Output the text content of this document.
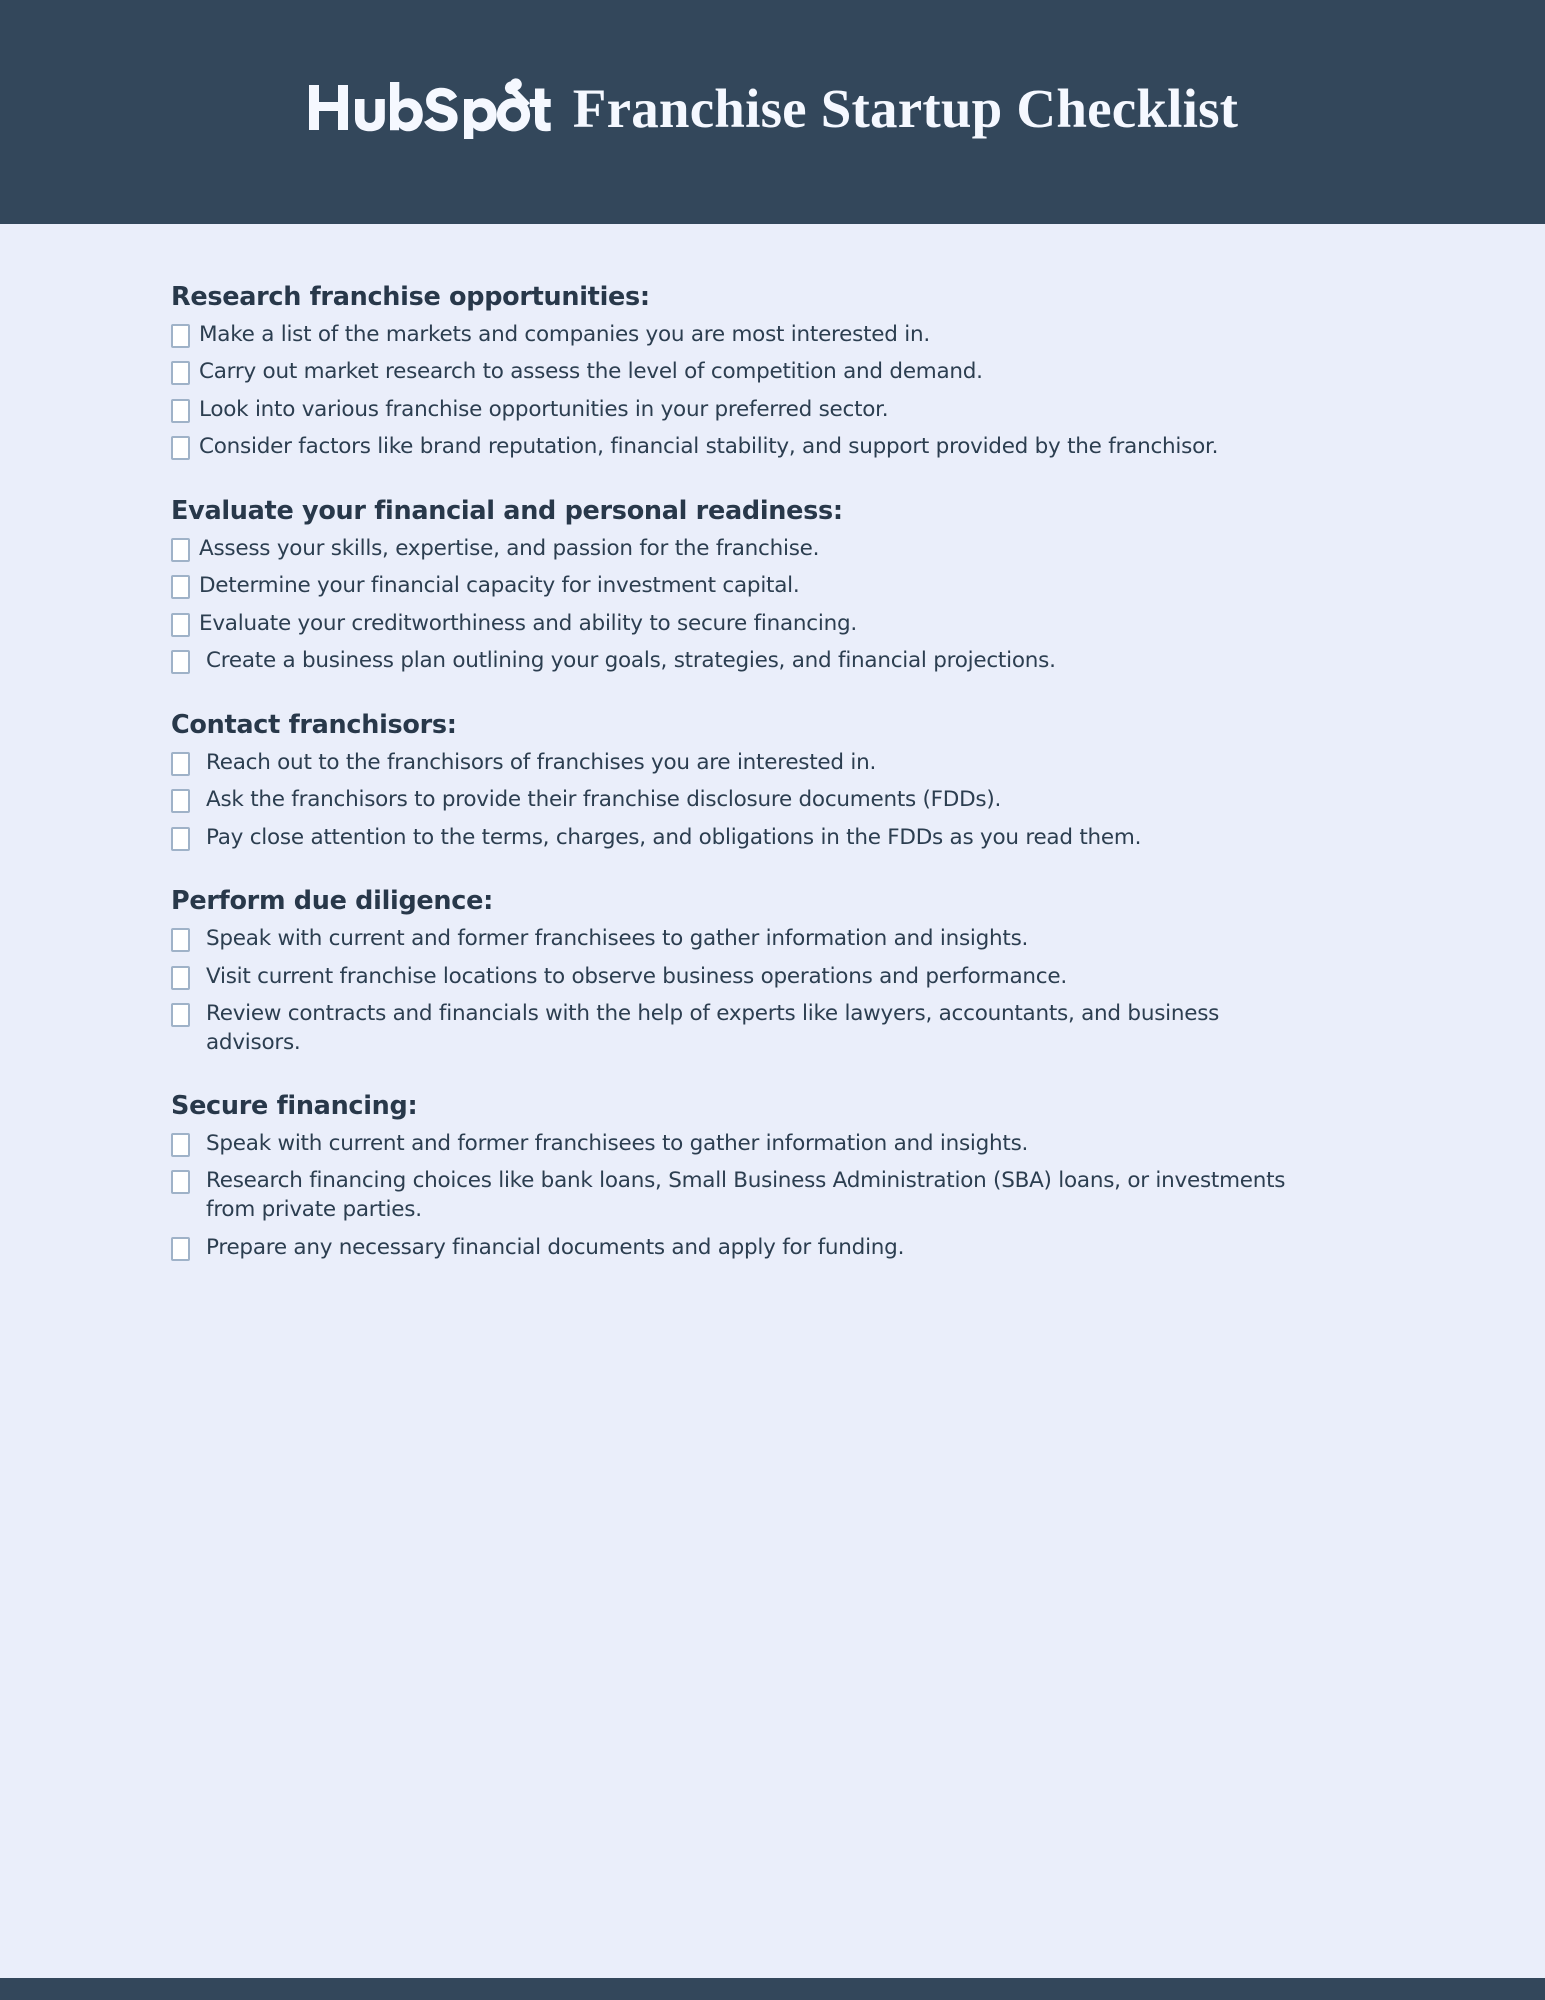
Franchise Startup Checklist
Research franchise opportunities:
Make a list of the markets and companies you are most interested in.
Carry out market research to assess the level of competition and demand.
Look into various franchise opportunities in your preferred sector.
Consider factors like brand reputation, financial stability, and support provided by the franchisor.
Evaluate your financial and personal readiness:
Assess your skills, expertise, and passion for the franchise.
Determine your financial capacity for investment capital.
Evaluate your creditworthiness and ability to secure financing.
Create a business plan outlining your goals, strategies, and financial projections.
Contact franchisors:
Reach out to the franchisors of franchises you are interested in.
Ask the franchisors to provide their franchise disclosure documents (FDDs).
Pay close attention to the terms, charges, and obligations in the FDDs as you read them.
Perform due diligence:
Speak with current and former franchisees to gather information and insights.
Visit current franchise locations to observe business operations and performance.
Review contracts and financials with the help of experts like lawyers, accountants, and business advisors.
Secure financing:
Speak with current and former franchisees to gather information and insights.
Research financing choices like bank loans, Small Business Administration (SBA) loans, or investments from private parties.
Prepare any necessary financial documents and apply for funding.
